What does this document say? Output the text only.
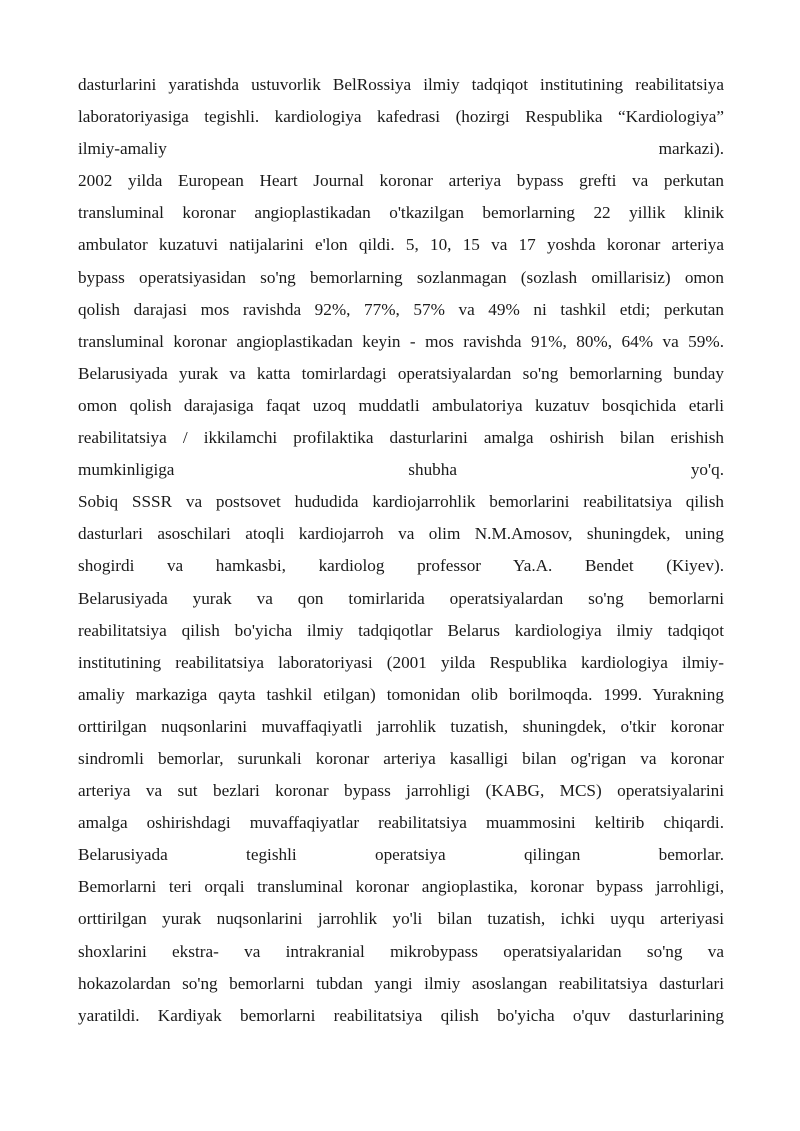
dasturlarini yaratishda ustuvorlik BelRossiya ilmiy tadqiqot institutining reabilitatsiya
laboratoriyasiga tegishli. kardiologiya kafedrasi (hozirgi Respublika “Kardiologiya”
ilmiy-amaliy markazi).
2002 yilda European Heart Journal koronar arteriya bypass grefti va perkutan
transluminal koronar angioplastikadan o'tkazilgan bemorlarning 22 yillik klinik
ambulator kuzatuvi natijalarini e'lon qildi. 5, 10, 15 va 17 yoshda koronar arteriya
bypass operatsiyasidan so'ng bemorlarning sozlanmagan (sozlash omillarisiz) omon
qolish darajasi mos ravishda 92%, 77%, 57% va 49% ni tashkil etdi; perkutan
transluminal koronar angioplastikadan keyin - mos ravishda 91%, 80%, 64% va 59%.
Belarusiyada yurak va katta tomirlardagi operatsiyalardan so'ng bemorlarning bunday
omon qolish darajasiga faqat uzoq muddatli ambulatoriya kuzatuv bosqichida etarli
reabilitatsiya / ikkilamchi profilaktika dasturlarini amalga oshirish bilan erishish
mumkinligiga shubha yo'q.
Sobiq SSSR va postsovet hududida kardiojarrohlik bemorlarini reabilitatsiya qilish
dasturlari asoschilari atoqli kardiojarroh va olim N.M.Amosov, shuningdek, uning
shogirdi va hamkasbi, kardiolog professor Ya.A. Bendet (Kiyev).
Belarusiyada yurak va qon tomirlarida operatsiyalardan so'ng bemorlarni
reabilitatsiya qilish bo'yicha ilmiy tadqiqotlar Belarus kardiologiya ilmiy tadqiqot
institutining reabilitatsiya laboratoriyasi (2001 yilda Respublika kardiologiya ilmiy-
amaliy markaziga qayta tashkil etilgan) tomonidan olib borilmoqda. 1999. Yurakning
orttirilgan nuqsonlarini muvaffaqiyatli jarrohlik tuzatish, shuningdek, o'tkir koronar
sindromli bemorlar, surunkali koronar arteriya kasalligi bilan og'rigan va koronar
arteriya va sut bezlari koronar bypass jarrohligi (KABG, MCS) operatsiyalarini
amalga oshirishdagi muvaffaqiyatlar reabilitatsiya muammosini keltirib chiqardi.
Belarusiyada tegishli operatsiya qilingan bemorlar.
Bemorlarni teri orqali transluminal koronar angioplastika, koronar bypass jarrohligi,
orttirilgan yurak nuqsonlarini jarrohlik yo'li bilan tuzatish, ichki uyqu arteriyasi
shoxlarini ekstra- va intrakranial mikrobypass operatsiyalaridan so'ng va
hokazolardan so'ng bemorlarni tubdan yangi ilmiy asoslangan reabilitatsiya dasturlari
yaratildi. Kardiyak bemorlarni reabilitatsiya qilish bo'yicha o'quv dasturlarining
